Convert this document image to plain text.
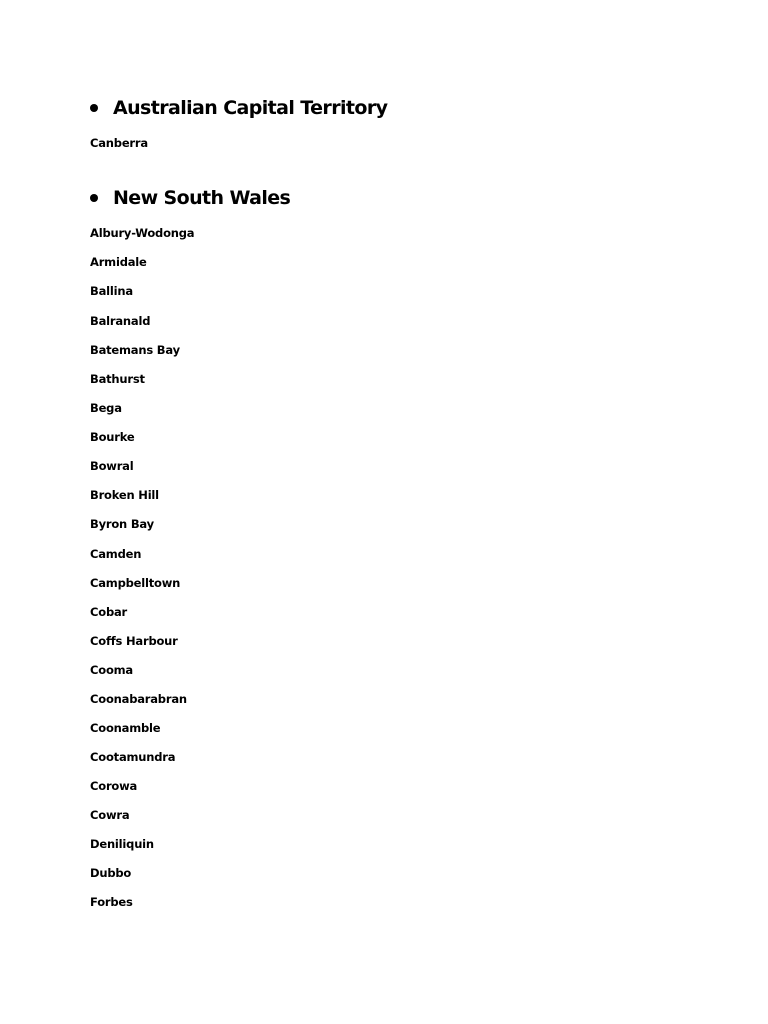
Australian Capital Territory
Canberra
New South Wales
Albury-Wodonga
Armidale
Ballina
Balranald
Batemans Bay
Bathurst
Bega
Bourke
Bowral
Broken Hill
Byron Bay
Camden
Campbelltown
Cobar
Coffs Harbour
Cooma
Coonabarabran
Coonamble
Cootamundra
Corowa
Cowra
Deniliquin
Dubbo
Forbes
